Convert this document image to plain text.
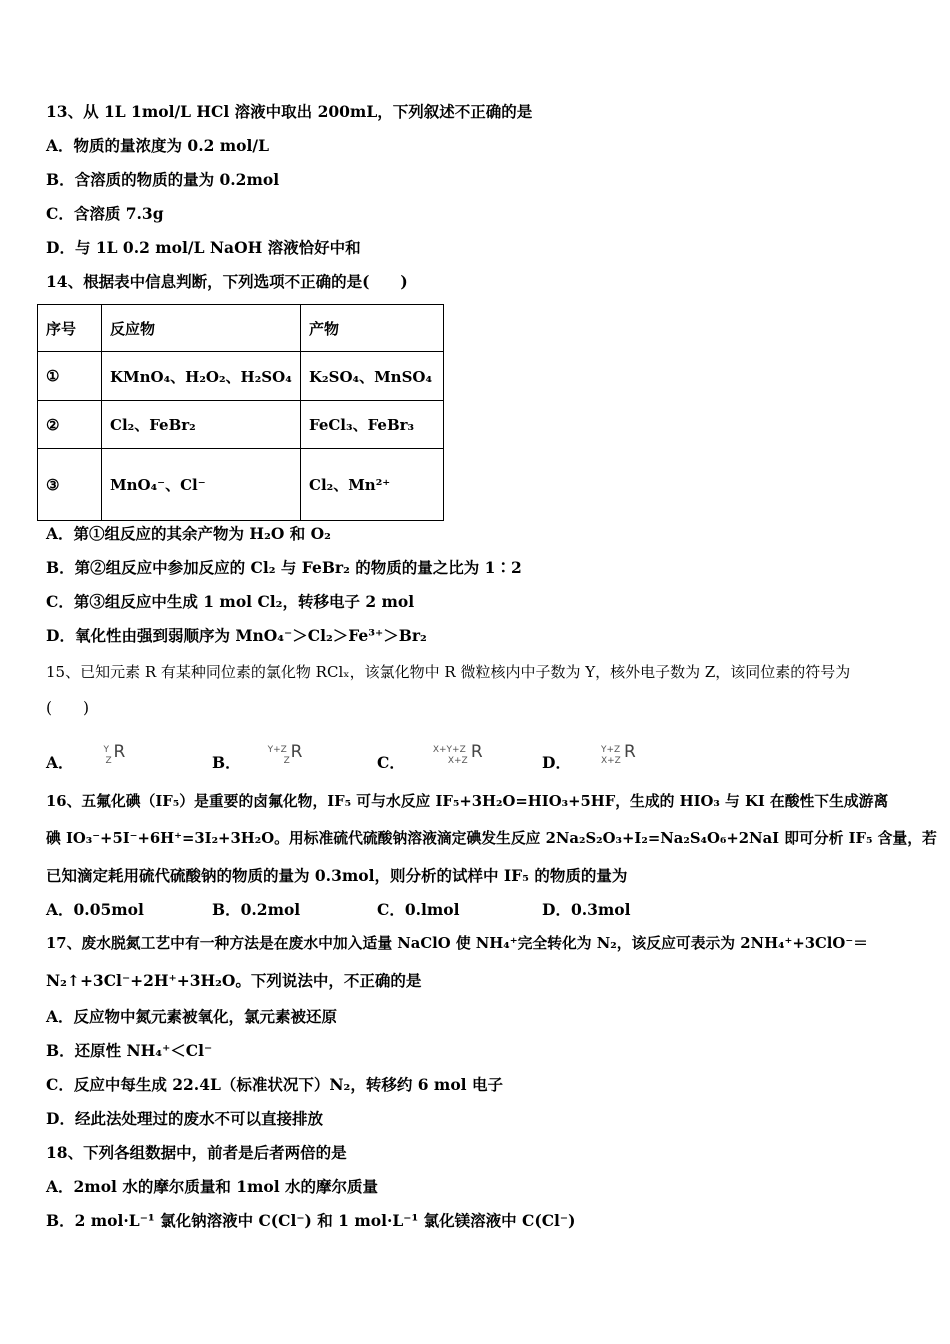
13、从 1L 1mol/L HCl 溶液中取出 200mL，下列叙述不正确的是
A．物质的量浓度为 0.2 mol/L
B．含溶质的物质的量为 0.2mol
C．含溶质 7.3g
D．与 1L 0.2 mol/L NaOH 溶液恰好中和
14、根据表中信息判断，下列选项不正确的是(　　)
序号	反应物	产物
①	KMnO₄、H₂O₂、H₂SO₄	K₂SO₄、MnSO₄
②	Cl₂、FeBr₂	FeCl₃、FeBr₃
③	MnO₄⁻、Cl⁻	Cl₂、Mn²⁺
A．第①组反应的其余产物为 H₂O 和 O₂
B．第②组反应中参加反应的 Cl₂ 与 FeBr₂ 的物质的量之比为 1∶2
C．第③组反应中生成 1 mol Cl₂，转移电子 2 mol
D．氧化性由强到弱顺序为 MnO₄⁻＞Cl₂＞Fe³⁺＞Br₂
15、已知元素 R 有某种同位素的氯化物 RClₓ，该氯化物中 R 微粒核内中子数为 Y，核外电子数为 Z，该同位素的符号为
(　　)
A．
Y
Z R
B．
Y+Z
Z R
C．
X+Y+Z
X+Z R
D．
Y+Z
X+Z R
16、五氟化碘（IF₅）是重要的卤氟化物，IF₅ 可与水反应 IF₅+3H₂O=HIO₃+5HF，生成的 HIO₃ 与 KI 在酸性下生成游离
碘 IO₃⁻+5I⁻+6H⁺=3I₂+3H₂O。用标准硫代硫酸钠溶液滴定碘发生反应 2Na₂S₂O₃+I₂=Na₂S₄O₆+2NaI 即可分析 IF₅ 含量，若
已知滴定耗用硫代硫酸钠的物质的量为 0.3mol，则分析的试样中 IF₅ 的物质的量为
A．0.05mol	B．0.2mol	C．0.lmol	D．0.3mol
17、废水脱氮工艺中有一种方法是在废水中加入适量 NaClO 使 NH₄⁺完全转化为 N₂，该反应可表示为 2NH₄⁺+3ClO⁻＝
N₂↑+3Cl⁻+2H⁺+3H₂O。下列说法中，不正确的是
A．反应物中氮元素被氧化，氯元素被还原
B．还原性 NH₄⁺＜Cl⁻
C．反应中每生成 22.4L（标准状况下）N₂，转移约 6 mol 电子
D．经此法处理过的废水不可以直接排放
18、下列各组数据中，前者是后者两倍的是
A．2mol 水的摩尔质量和 1mol 水的摩尔质量
B．2 mol·L⁻¹ 氯化钠溶液中 C(Cl⁻) 和 1 mol·L⁻¹ 氯化镁溶液中 C(Cl⁻)
